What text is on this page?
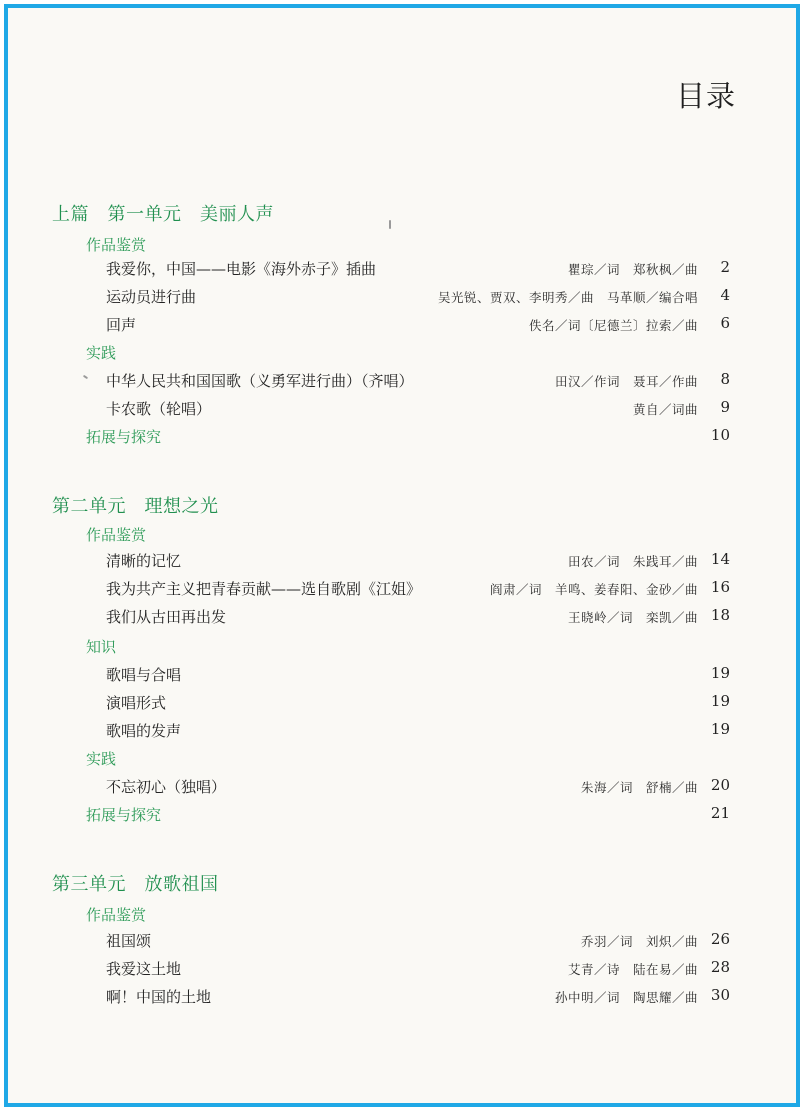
目录
上篇　第一单元　美丽人声
作品鉴赏
我爱你，中国——电影《海外赤子》插曲	瞿琮／词　郑秋枫／曲 2
运动员进行曲	吴光锐、贾双、李明秀／曲　马革顺／编合唱 4
回声	佚名／词〔尼德兰〕拉索／曲 6
实践
中华人民共和国国歌（义勇军进行曲）（齐唱）	田汉／作词　聂耳／作曲 8
卡农歌（轮唱）	黄自／词曲 9
拓展与探究	10
第二单元　理想之光
作品鉴赏
清晰的记忆	田农／词　朱践耳／曲 14
我为共产主义把青春贡献——选自歌剧《江姐》	阎肃／词　羊鸣、姜春阳、金砂／曲 16
我们从古田再出发	王晓岭／词　栾凯／曲 18
知识
歌唱与合唱	19
演唱形式	19
歌唱的发声	19
实践
不忘初心（独唱）	朱海／词　舒楠／曲 20
拓展与探究	21
第三单元　放歌祖国
作品鉴赏
祖国颂	乔羽／词　刘炽／曲 26
我爱这土地	艾青／诗　陆在易／曲 28
啊！中国的土地	孙中明／词　陶思耀／曲 30
